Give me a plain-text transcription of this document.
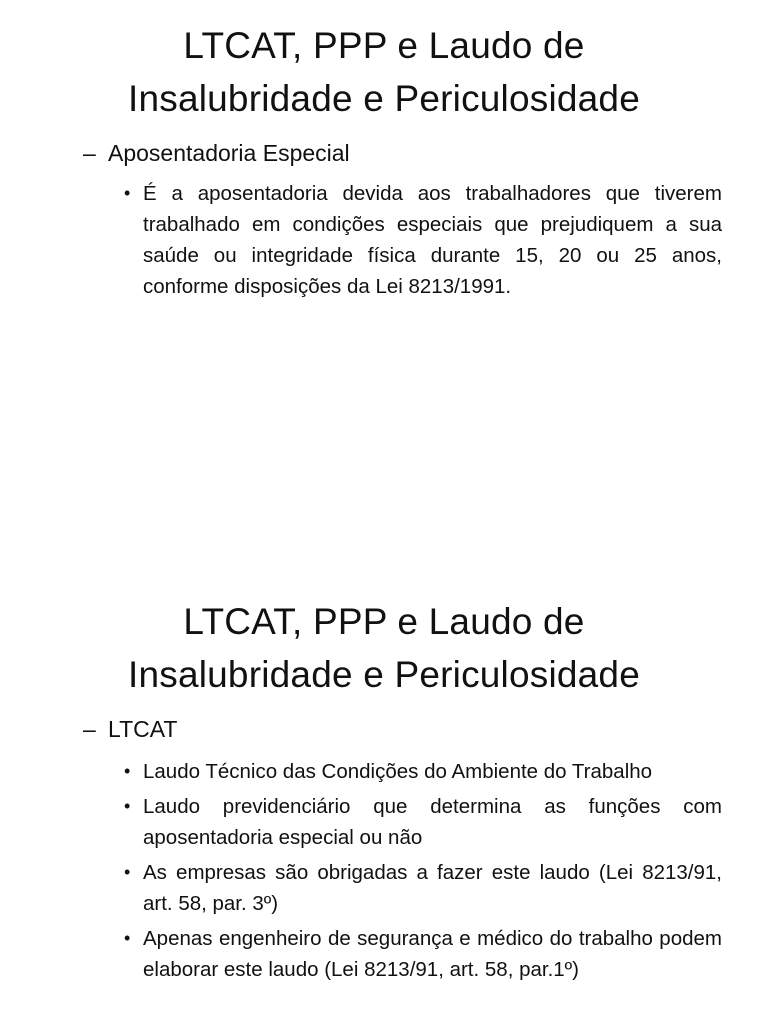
LTCAT, PPP e Laudo de
Insalubridade e Periculosidade
– Aposentadoria Especial
• É a aposentadoria devida aos trabalhadores que tiverem trabalhado em condições especiais que prejudiquem a sua saúde ou integridade física durante 15, 20 ou 25 anos, conforme disposições da Lei 8213/1991.
LTCAT, PPP e Laudo de
Insalubridade e Periculosidade
– LTCAT
• Laudo Técnico das Condições do Ambiente do Trabalho
• Laudo previdenciário que determina as funções com aposentadoria especial ou não
• As empresas são obrigadas a fazer este laudo (Lei 8213/91, art. 58, par. 3º)
• Apenas engenheiro de segurança e médico do trabalho podem elaborar este laudo (Lei 8213/91, art. 58, par.1º)
